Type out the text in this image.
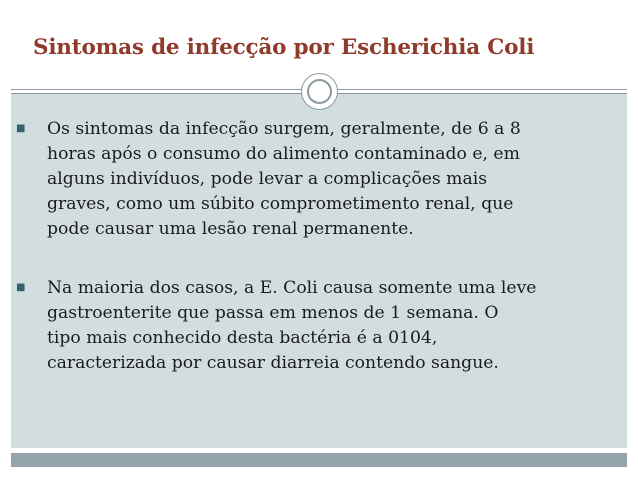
Sintomas de infecção por Escherichia Coli
■ Os sintomas da infecção surgem, geralmente, de 6 a 8
horas após o consumo do alimento contaminado e, em
alguns indivíduos, pode levar a complicações mais
graves, como um súbito comprometimento renal, que
pode causar uma lesão renal permanente.
■ Na maioria dos casos, a E. Coli causa somente uma leve
gastroenterite que passa em menos de 1 semana. O
tipo mais conhecido desta bactéria é a 0104,
caracterizada por causar diarreia contendo sangue.
